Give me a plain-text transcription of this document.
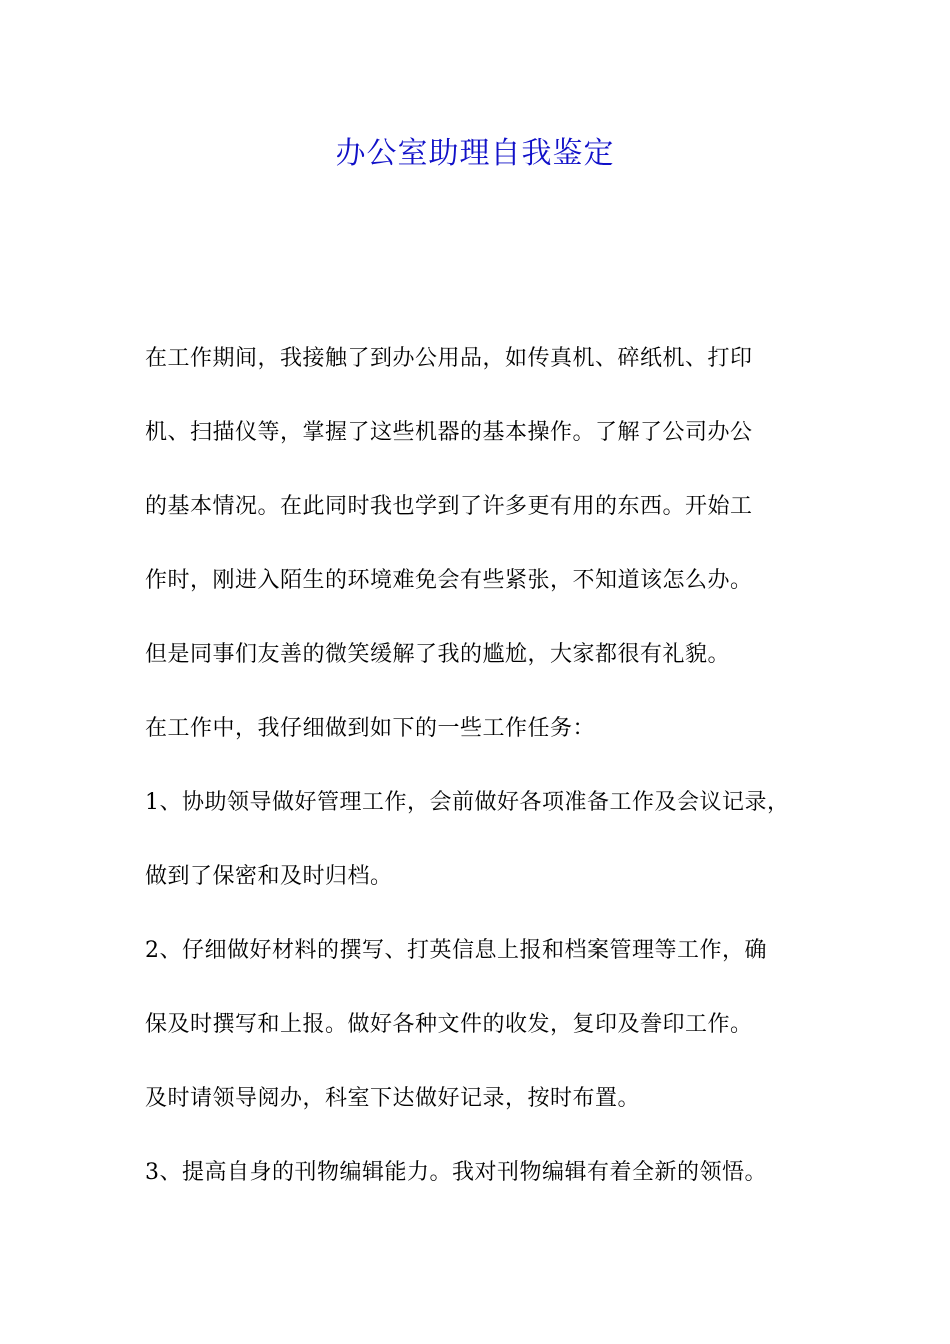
办公室助理自我鉴定
在工作期间，我接触了到办公用品，如传真机、碎纸机、打印
机、扫描仪等，掌握了这些机器的基本操作。了解了公司办公
的基本情况。在此同时我也学到了许多更有用的东西。开始工
作时，刚进入陌生的环境难免会有些紧张，不知道该怎么办。
但是同事们友善的微笑缓解了我的尴尬，大家都很有礼貌。
在工作中，我仔细做到如下的一些工作任务：
1、协助领导做好管理工作，会前做好各项准备工作及会议记录，
做到了保密和及时归档。
2、仔细做好材料的撰写、打英信息上报和档案管理等工作，确
保及时撰写和上报。做好各种文件的收发，复印及誊印工作。
及时请领导阅办，科室下达做好记录，按时布置。
3、提高自身的刊物编辑能力。我对刊物编辑有着全新的领悟。
